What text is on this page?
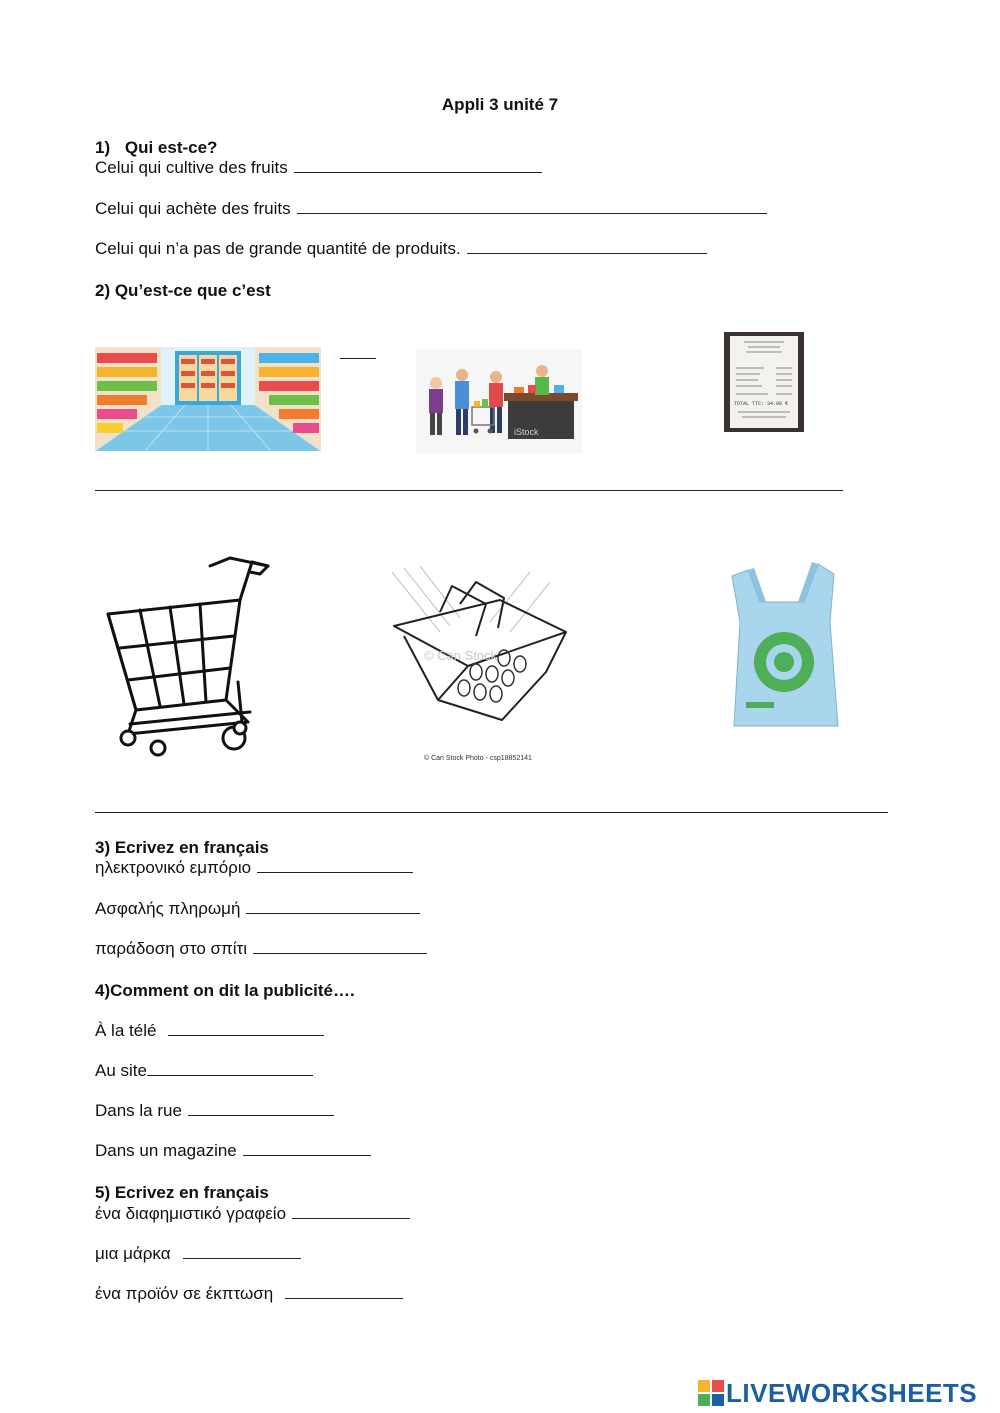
Appli 3 unité 7
1) Qui est-ce?
Celui qui cultive des fruits
Celui qui achète des fruits
Celui qui n’a pas de grande quantité de produits.
2) Qu’est-ce que c’est
iStock
TOTAL TTC: 34.00 €
© Can Stock
© Can Stock Photo - csp18852141
3) Ecrivez en français
ηλεκτρονικό εμπόριο
Ασφαλής πληρωμή
παράδοση στο σπίτι
4)Comment on dit la publicité….
À la télé
Au site
Dans la rue
Dans un magazine
5) Ecrivez en français
ένα διαφημιστικό γραφείο
μια μάρκα
ένα προϊόν σε έκπτωση
LIVEWORKSHEETS
